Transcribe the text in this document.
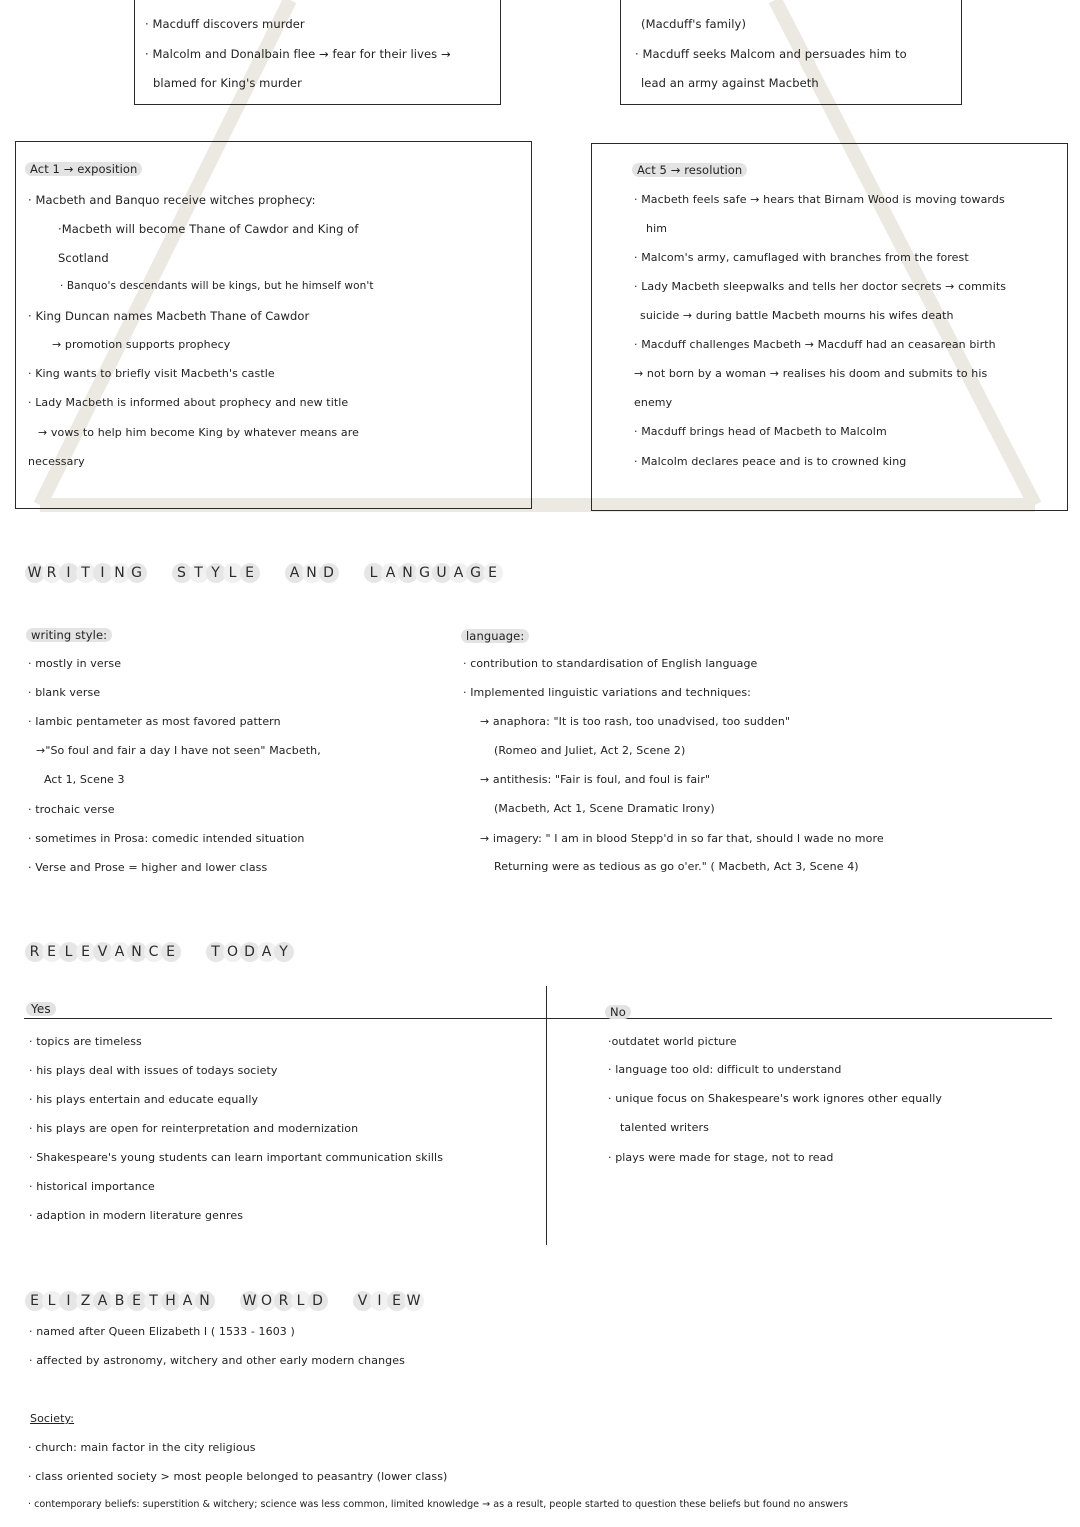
· Macduff discovers murder
· Malcolm and Donalbain flee → fear for their lives →
blamed for King's murder
(Macduff's family)
· Macduff seeks Malcom and persuades him to
lead an army against Macbeth
Act 1 → exposition
· Macbeth and Banquo receive witches prophecy:
·Macbeth will become Thane of Cawdor and King of
Scotland
· Banquo's descendants will be kings, but he himself won't
· King Duncan names Macbeth Thane of Cawdor
→ promotion supports prophecy
· King wants to briefly visit Macbeth's castle
· Lady Macbeth is informed about prophecy and new title
→ vows to help him become King by whatever means are
necessary
Act 5 → resolution
· Macbeth feels safe → hears that Birnam Wood is moving towards
him
· Malcom's army, camuflaged with branches from the forest
· Lady Macbeth sleepwalks and tells her doctor secrets → commits
suicide → during battle Macbeth mourns his wifes death
· Macduff challenges Macbeth → Macduff had an ceasarean birth
→ not born by a woman → realises his doom and submits to his
enemy
· Macduff brings head of Macbeth to Malcolm
· Malcolm declares peace and is to crowned king
W R I T I N G	S T Y L E	A N D	L A N G U A G E
writing style:
· mostly in verse
· blank verse
· Iambic pentameter as most favored pattern
→"So foul and fair a day I have not seen" Macbeth,
Act 1, Scene 3
· trochaic verse
· sometimes in Prosa: comedic intended situation
· Verse and Prose = higher and lower class
language:
· contribution to standardisation of English language
· Implemented linguistic variations and techniques:
→ anaphora: "It is too rash, too unadvised, too sudden"
(Romeo and Juliet, Act 2, Scene 2)
→ antithesis: "Fair is foul, and foul is fair"
(Macbeth, Act 1, Scene Dramatic Irony)
→ imagery: " I am in blood Stepp'd in so far that, should I wade no more
Returning were as tedious as go o'er." ( Macbeth, Act 3, Scene 4)
R E L E V A N C E	T O D A Y
Yes
· topics are timeless
· his plays deal with issues of todays society
· his plays entertain and educate equally
· his plays are open for reinterpretation and modernization
· Shakespeare's young students can learn important communication skills
· historical importance
· adaption in modern literature genres
No
·outdatet world picture
· language too old: difficult to understand
· unique focus on Shakespeare's work ignores other equally
talented writers
· plays were made for stage, not to read
E L I Z A B E T H A N W O R L D V I E W
· named after Queen Elizabeth I ( 1533 - 1603 )
· affected by astronomy, witchery and other early modern changes
Society:
· church: main factor in the city religious
· class oriented society > most people belonged to peasantry (lower class)
· contemporary beliefs: superstition & witchery; science was less common, limited knowledge → as a result, people started to question these beliefs but found no answers
